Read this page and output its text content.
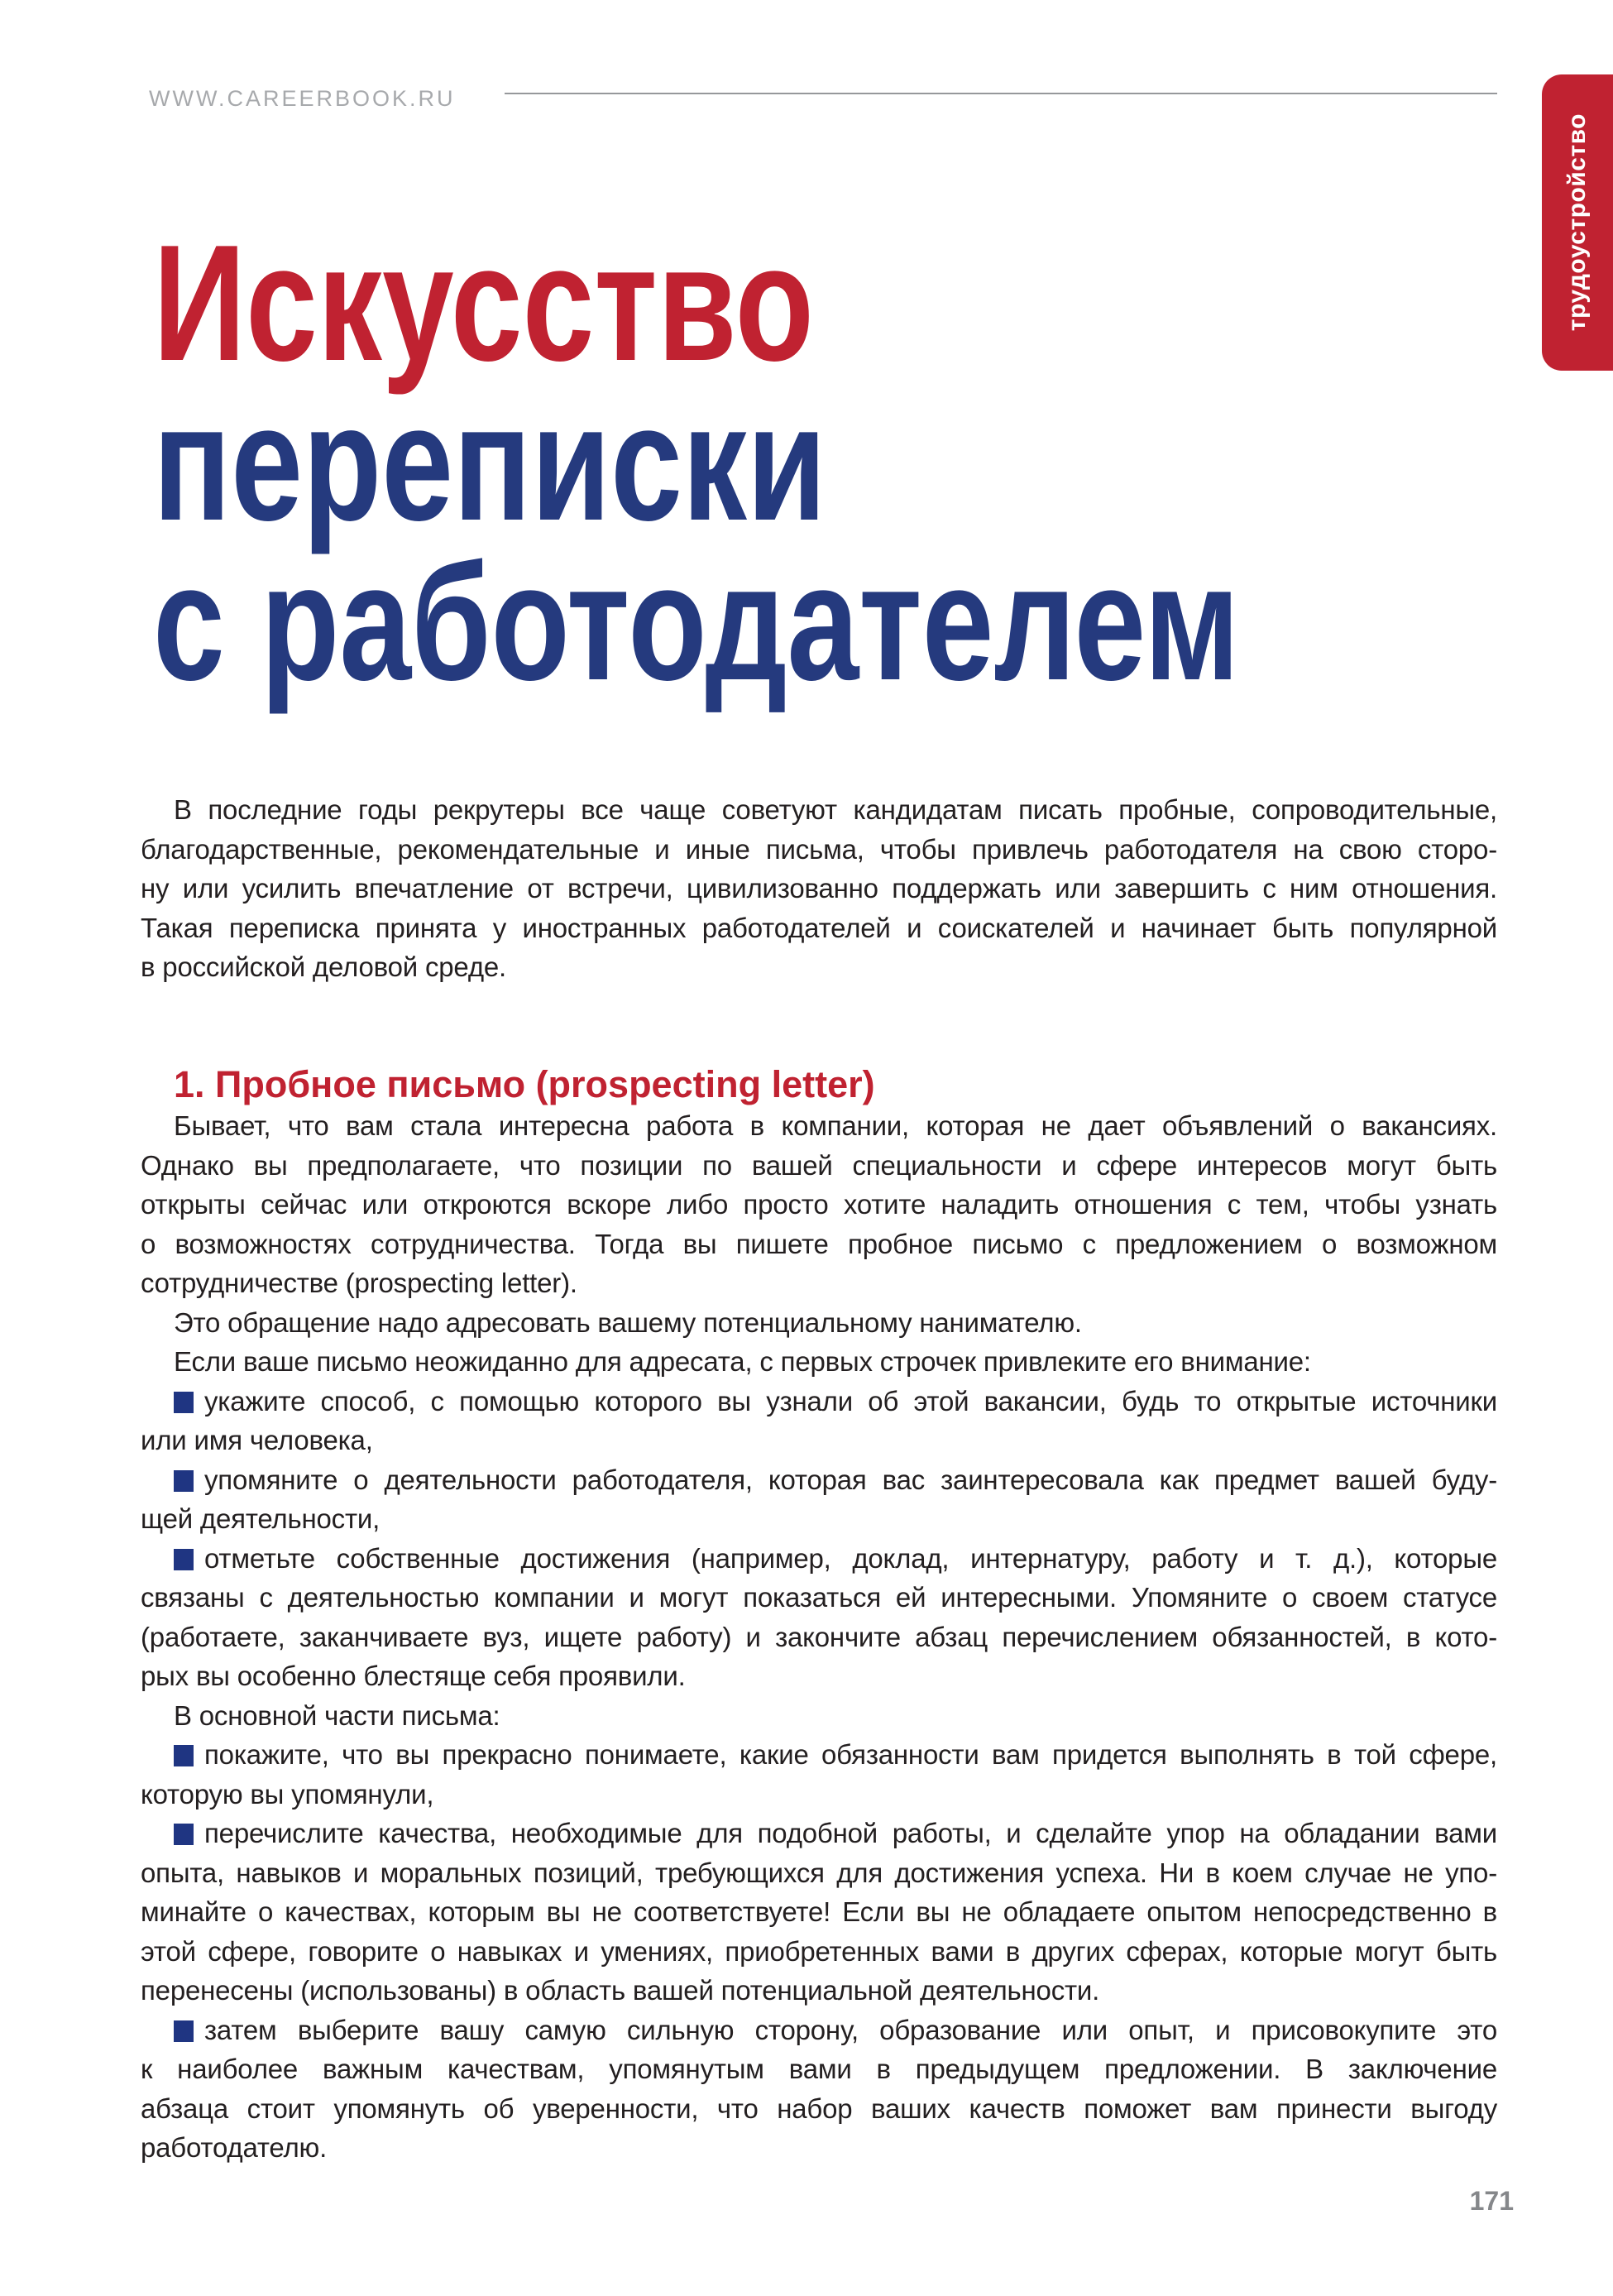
WWW.CAREERBOOK.RU
трудоустройство
Искусство
переписки
с работодателем
В последние годы рекрутеры все чаще советуют кандидатам писать пробные, сопроводительные,
благодарственные, рекомендательные и иные письма, чтобы привлечь работодателя на свою сторо-
ну или усилить впечатление от встречи, цивилизованно поддержать или завершить с ним отношения.
Такая переписка принята у иностранных работодателей и соискателей и начинает быть популярной
в российской деловой среде.
1. Пробное письмо (prospecting letter)
Бывает, что вам стала интересна работа в компании, которая не дает объявлений о вакансиях.
Однако вы предполагаете, что позиции по вашей специальности и сфере интересов могут быть
открыты сейчас или откроются вскоре либо просто хотите наладить отношения с тем, чтобы узнать
о возможностях сотрудничества. Тогда вы пишете пробное письмо с предложением о возможном
сотрудничестве (prospecting letter).
Это обращение надо адресовать вашему потенциальному нанимателю.
Если ваше письмо неожиданно для адресата, с первых строчек привлеките его внимание:
укажите способ, с помощью которого вы узнали об этой вакансии, будь то открытые источники
или имя человека,
упомяните о деятельности работодателя, которая вас заинтересовала как предмет вашей буду-
щей деятельности,
отметьте собственные достижения (например, доклад, интернатуру, работу и т. д.), которые
связаны с деятельностью компании и могут показаться ей интересными. Упомяните о своем статусе
(работаете, заканчиваете вуз, ищете работу) и закончите абзац перечислением обязанностей, в кото-
рых вы особенно блестяще себя проявили.
В основной части письма:
покажите, что вы прекрасно понимаете, какие обязанности вам придется выполнять в той сфере,
которую вы упомянули,
перечислите качества, необходимые для подобной работы, и сделайте упор на обладании вами
опыта, навыков и моральных позиций, требующихся для достижения успеха. Ни в коем случае не упо-
минайте о качествах, которым вы не соответствуете! Если вы не обладаете опытом непосредственно в
этой сфере, говорите о навыках и умениях, приобретенных вами в других сферах, которые могут быть
перенесены (использованы) в область вашей потенциальной деятельности.
затем выберите вашу самую сильную сторону, образование или опыт, и присовокупите это
к наиболее важным качествам, упомянутым вами в предыдущем предложении. В заключение
абзаца стоит упомянуть об уверенности, что набор ваших качеств поможет вам принести выгоду
работодателю.
171
